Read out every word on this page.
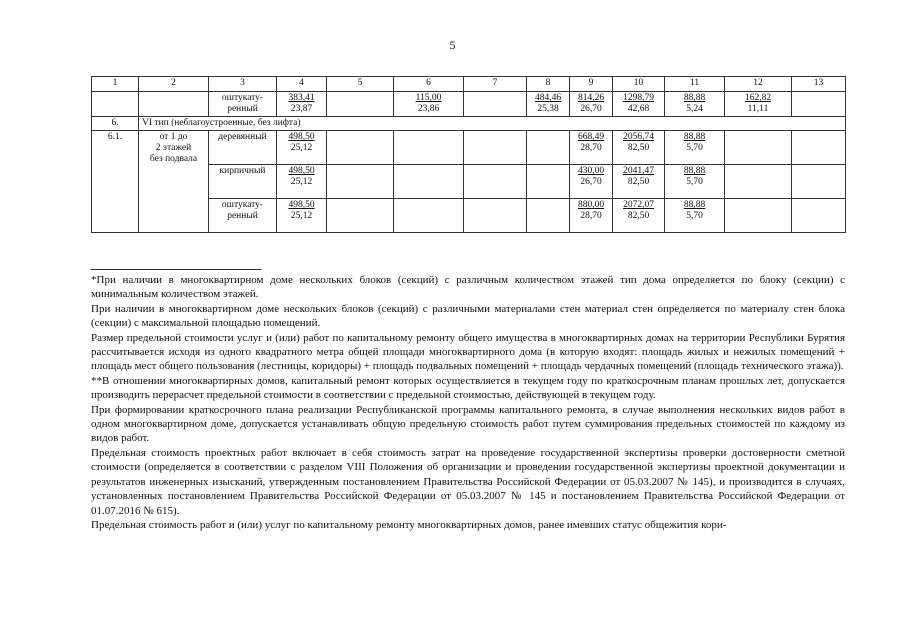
5
1	2	3	4	5	6	7	8	9	10	11	12	13
		оштукату-
ренный	$\frac{383,41}{23,87}$		$\frac{115,00}{23,86}$		$\frac{484,46}{25,38}$	$\frac{814,26}{26,70}$	$\frac{1298,79}{42,68}$	$\frac{88,88}{5,24}$	$\frac{162,82}{11,11}$

6.	VI тип (неблагоустроенные, без лифта)											
6.1.	от 1 до
2 этажей
без подвала	деревянный	$\frac{498,50}{25,12}$					$\frac{668,49}{28,70}$	$\frac{2056,74}{82,50}$	$\frac{88,88}{5,70}$

		кирпичный	$\frac{498,50}{25,12}$					$\frac{430,00}{26,70}$	$\frac{2041,47}{82,50}$	$\frac{88,88}{5,70}$

		оштукату-
ренный	$\frac{498,50}{25,12}$					$\frac{880,00}{28,70}$	$\frac{2072,07}{82,50}$	$\frac{88,88}{5,70}$

*При наличии в многоквартирном доме нескольких блоков (секций) с различным количеством этажей тип дома определяется по блоку (секции) с минимальным количеством этажей.

При наличии в многоквартирном доме нескольких блоков (секций) с различными материалами стен материал стен определяется по материалу стен блока (секции) с максимальной площадью помещений.

Размер предельной стоимости услуг и (или) работ по капитальному ремонту общего имущества в многоквартирных домах на территории Республики Бурятия рассчитывается исходя из одного квадратного метра общей площади многоквартирного дома (в которую входят: площадь жилых и нежилых помещений + площадь мест общего пользования (лестницы, коридоры) + площадь подвальных помещений + площадь чердачных помещений (площадь технического этажа)).

**В отношении многоквартирных домов, капитальный ремонт которых осуществляется в текущем году по краткосрочным планам прошлых лет, допускается производить перерасчет предельной стоимости в соответствии с предельной стоимостью, действующей в текущем году.

При формировании краткосрочного плана реализации Республиканской программы капитального ремонта, в случае выполнения нескольких видов работ в одном многоквартирном доме, допускается устанавливать общую предельную стоимость работ путем суммирования предельных стоимостей по каждому из видов работ.

Предельная стоимость проектных работ включает в себя стоимость затрат на проведение государственной экспертизы проверки достоверности сметной стоимости (определяется в соответствии с разделом VIII Положения об организации и проведении государственной экспертизы проектной документации и результатов инженерных изысканий, утвержденным постановлением Правительства Российской Федерации от 05.03.2007 № 145), и производится в случаях, установленных постановлением Правительства Российской Федерации от 05.03.2007 № 145 и постановлением Правительства Российской Федерации от 01.07.2016 № 615).

Предельная стоимость работ и (или) услуг по капитальному ремонту многоквартирных домов, ранее имевших статус общежития кори-
